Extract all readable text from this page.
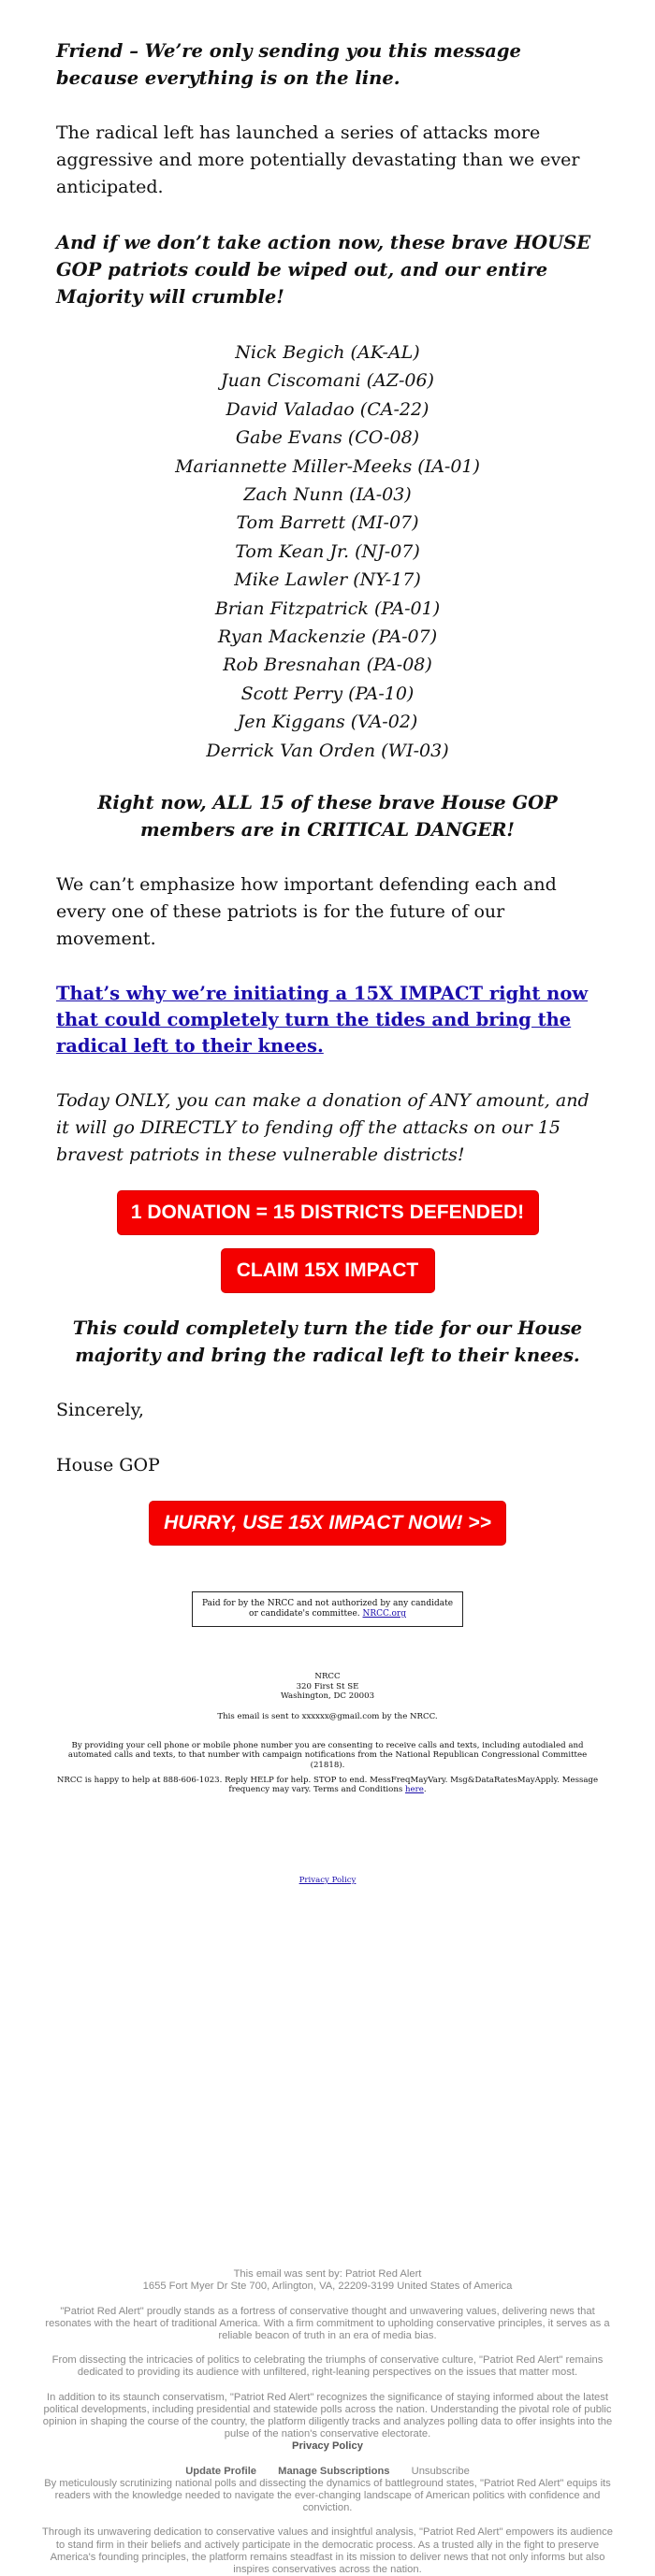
Friend – We’re only sending you this message because everything is on the line.

The radical left has launched a series of attacks more aggressive and more potentially devastating than we ever anticipated.

And if we don’t take action now, these brave HOUSE GOP patriots could be wiped out, and our entire Majority will crumble!

Nick Begich (AK-AL)
Juan Ciscomani (AZ-06)
David Valadao (CA-22)
Gabe Evans (CO-08)
Mariannette Miller-Meeks (IA-01)
Zach Nunn (IA-03)
Tom Barrett (MI-07)
Tom Kean Jr. (NJ-07)
Mike Lawler (NY-17)
Brian Fitzpatrick (PA-01)
Ryan Mackenzie (PA-07)
Rob Bresnahan (PA-08)
Scott Perry (PA-10)
Jen Kiggans (VA-02)
Derrick Van Orden (WI-03)

Right now, ALL 15 of these brave House GOP members are in CRITICAL DANGER!

We can’t emphasize how important defending each and every one of these patriots is for the future of our movement.

That’s why we’re initiating a 15X IMPACT right now that could completely turn the tides and bring the radical left to their knees.

Today ONLY, you can make a donation of ANY amount, and it will go DIRECTLY to fending off the attacks on our 15 bravest patriots in these vulnerable districts!

1 DONATION = 15 DISTRICTS DEFENDED!
CLAIM 15X IMPACT

This could completely turn the tide for our House majority and bring the radical left to their knees.

Sincerely,

House GOP

HURRY, USE 15X IMPACT NOW! >>
Paid for by the NRCC and not authorized by any candidate or candidate's committee. NRCC.org
NRCC
320 First St SE
Washington, DC 20003
This email is sent to xxxxxx@gmail.com by the NRCC.
By providing your cell phone or mobile phone number you are consenting to receive calls and texts, including autodialed and automated calls and texts, to that number with campaign notifications from the National Republican Congressional Committee (21818).
NRCC is happy to help at 888-606-1023. Reply HELP for help. STOP to end. MessFreqMayVary. Msg&DataRatesMayApply. Message frequency may vary. Terms and Conditions here.
Privacy Policy
This email was sent by: Patriot Red Alert
1655 Fort Myer Dr Ste 700, Arlington, VA, 22209-3199 United States of America
"Patriot Red Alert" proudly stands as a fortress of conservative thought and unwavering values, delivering news that resonates with the heart of traditional America. With a firm commitment to upholding conservative principles, it serves as a reliable beacon of truth in an era of media bias.
From dissecting the intricacies of politics to celebrating the triumphs of conservative culture, "Patriot Red Alert" remains dedicated to providing its audience with unfiltered, right-leaning perspectives on the issues that matter most.
In addition to its staunch conservatism, "Patriot Red Alert" recognizes the significance of staying informed about the latest political developments, including presidential and statewide polls across the nation. Understanding the pivotal role of public opinion in shaping the course of the country, the platform diligently tracks and analyzes polling data to offer insights into the pulse of the nation's conservative electorate.
Privacy Policy
Update Profile Manage Subscriptions Unsubscribe
By meticulously scrutinizing national polls and dissecting the dynamics of battleground states, "Patriot Red Alert" equips its readers with the knowledge needed to navigate the ever-changing landscape of American politics with confidence and conviction.
Through its unwavering dedication to conservative values and insightful analysis, "Patriot Red Alert" empowers its audience to stand firm in their beliefs and actively participate in the democratic process. As a trusted ally in the fight to preserve America's founding principles, the platform remains steadfast in its mission to deliver news that not only informs but also inspires conservatives across the nation.
